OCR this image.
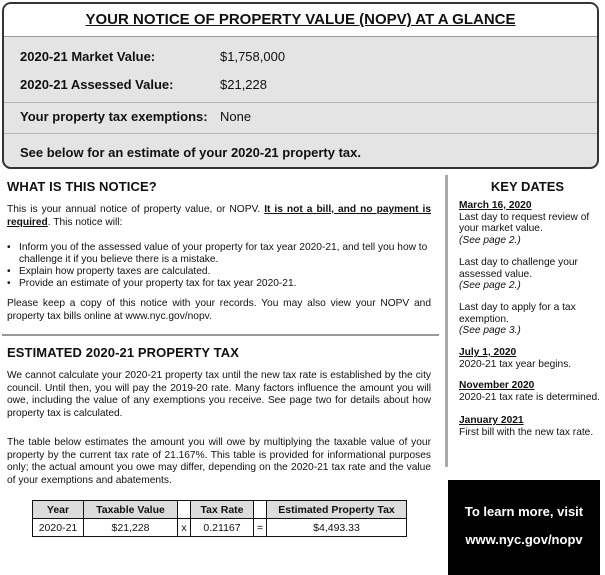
YOUR NOTICE OF PROPERTY VALUE (NOPV) AT A GLANCE
2020-21 Market Value:	$1,758,000
2020-21 Assessed Value:	$21,228
Your property tax exemptions: None
See below for an estimate of your 2020-21 property tax.
WHAT IS THIS NOTICE?
This is your annual notice of property value, or NOPV. It is not a bill, and no payment is required. This notice will:
• Inform you of the assessed value of your property for tax year 2020-21, and tell you how to challenge it if you believe there is a mistake.
• Explain how property taxes are calculated.
• Provide an estimate of your property tax for tax year 2020-21.
Please keep a copy of this notice with your records. You may also view your NOPV and property tax bills online at www.nyc.gov/nopv.
ESTIMATED 2020-21 PROPERTY TAX
We cannot calculate your 2020-21 property tax until the new tax rate is established by the city council. Until then, you will pay the 2019-20 rate. Many factors influence the amount you will owe, including the value of any exemptions you receive. See page two for details about how property tax is calculated.
The table below estimates the amount you will owe by multiplying the taxable value of your property by the current tax rate of 21.167%. This table is provided for informational purposes only; the actual amount you owe may differ, depending on the 2020-21 tax rate and the value of your exemptions and abatements.
Year	Taxable Value		Tax Rate		Estimated Property Tax
2020-21	$21,228	x	0.21167	=	$4,493.33
KEY DATES
March 16, 2020
Last day to request review of your market value.
(See page 2.)
Last day to challenge your assessed value.
(See page 2.)
Last day to apply for a tax exemption.
(See page 3.)
July 1, 2020
2020-21 tax year begins.
November 2020
2020-21 tax rate is determined.
January 2021
First bill with the new tax rate.
To learn more, visit
www.nyc.gov/nopv
